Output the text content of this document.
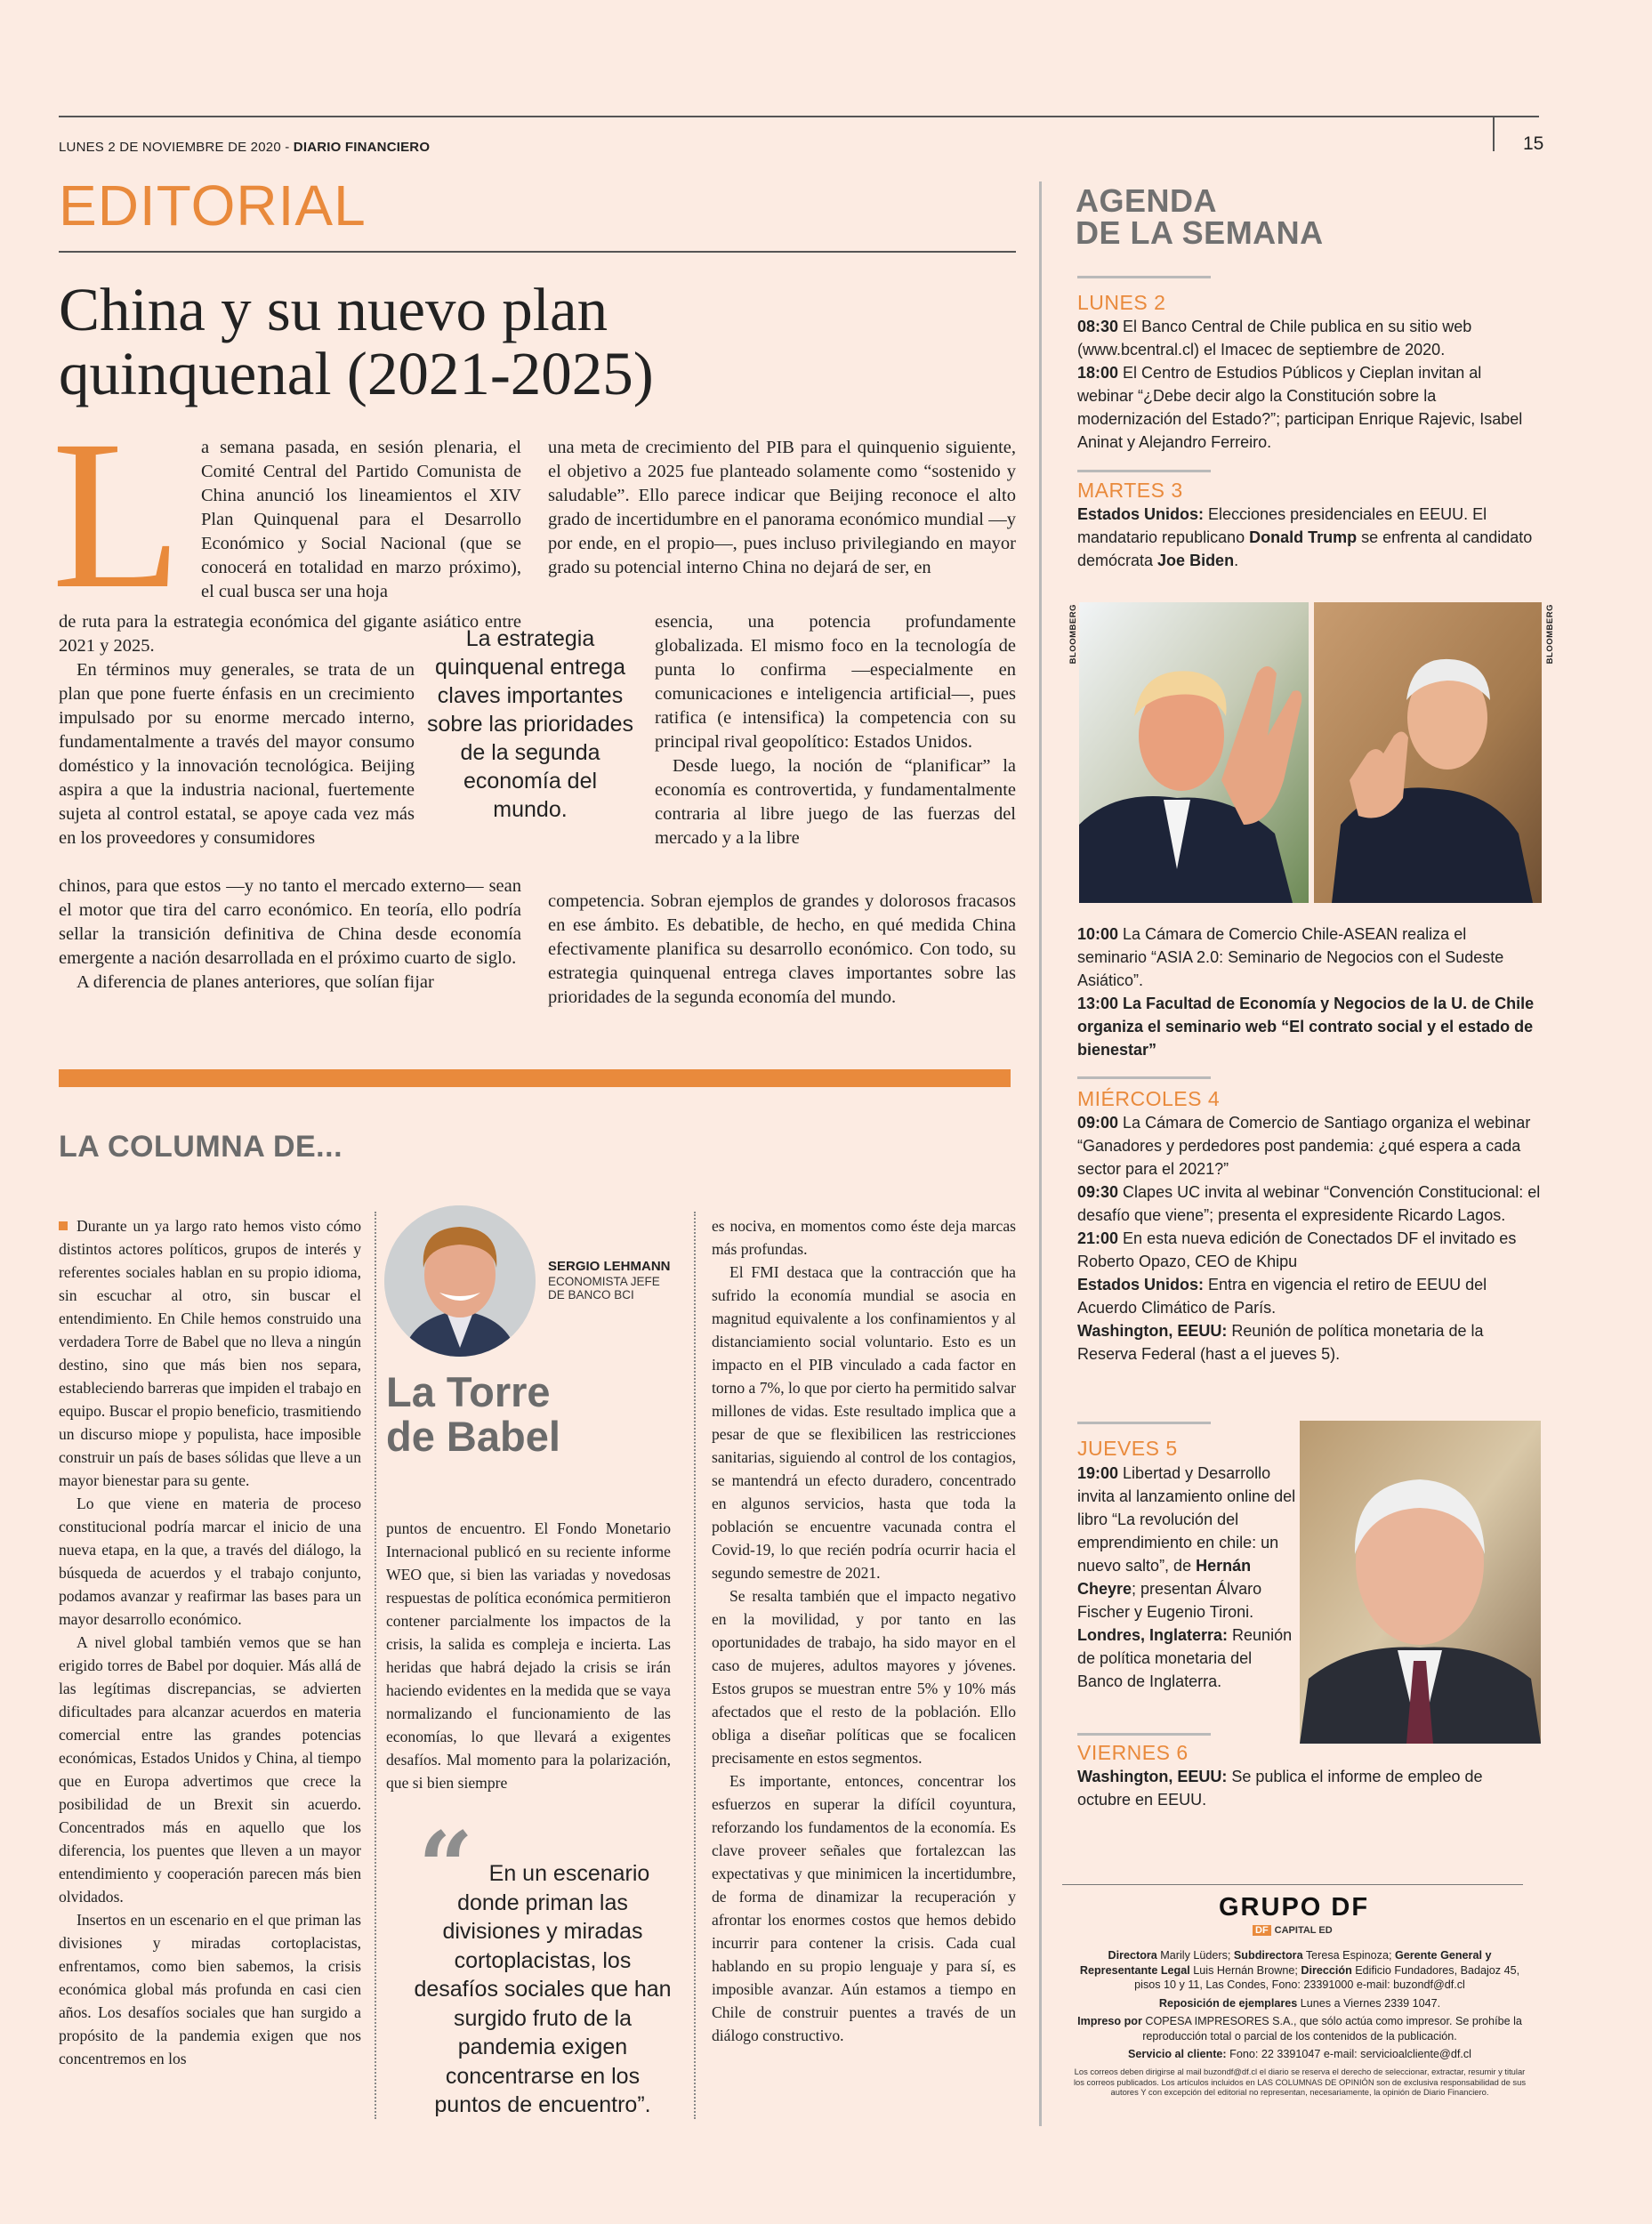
LUNES 2 DE NOVIEMBRE DE 2020 - DIARIO FINANCIERO	15
EDITORIAL
China y su nuevo plan
quinquenal (2021-2025)
L a semana pasada, en sesión plenaria, el Comité Central del Partido Comunista de China anunció los lineamientos el XIV Plan Quinquenal para el Desarrollo Económico y Social Nacional (que se conocerá en totalidad en marzo próximo), el cual busca ser una hoja

de ruta para la estrategia económica del gigante asiático entre 2021 y 2025.

En términos muy generales, se trata de un plan que pone fuerte énfasis en un crecimiento impulsado por su enorme mercado interno, fundamentalmente a través del mayor consumo doméstico y la innovación tecnológica. Beijing aspira a que la industria nacional, fuertemente sujeta al control estatal, se apoye cada vez más en los proveedores y consumidores

chinos, para que estos —y no tanto el mercado externo— sean el motor que tira del carro económico. En teoría, ello podría sellar la transición definitiva de China desde economía emergente a nación desarrollada en el próximo cuarto de siglo.

A diferencia de planes anteriores, que solían fijar

una meta de crecimiento del PIB para el quinquenio siguiente, el objetivo a 2025 fue planteado solamente como “sostenido y saludable”. Ello parece indicar que Beijing reconoce el alto grado de incertidumbre en el panorama económico mundial —y por ende, en el propio—, pues incluso privilegiando en mayor grado su potencial interno China no dejará de ser, en

esencia, una potencia profundamente globalizada. El mismo foco en la tecnología de punta lo confirma —especialmente en comunicaciones e inteligencia artificial—, pues ratifica (e intensifica) la competencia con su principal rival geopolítico: Estados Unidos.

Desde luego, la noción de “planificar” la economía es controvertida, y fundamentalmente contraria al libre juego de las fuerzas del mercado y a la libre

competencia. Sobran ejemplos de grandes y dolorosos fracasos en ese ámbito. Es debatible, de hecho, en qué medida China efectivamente planifica su desarrollo económico. Con todo, su estrategia quinquenal entrega claves importantes sobre las prioridades de la segunda economía del mundo.

La estrategia quinquenal entrega claves importantes sobre las prioridades de la segunda economía del mundo.
LA COLUMNA DE...

Durante un ya largo rato hemos visto cómo distintos actores políticos, grupos de interés y referentes sociales hablan en su propio idioma, sin escuchar al otro, sin buscar el entendimiento. En Chile hemos construido una verdadera Torre de Babel que no lleva a ningún destino, sino que más bien nos separa, estableciendo barreras que impiden el trabajo en equipo. Buscar el propio beneficio, trasmitiendo un discurso miope y populista, hace imposible construir un país de bases sólidas que lleve a un mayor bienestar para su gente.

Lo que viene en materia de proceso constitucional podría marcar el inicio de una nueva etapa, en la que, a través del diálogo, la búsqueda de acuerdos y el trabajo conjunto, podamos avanzar y reafirmar las bases para un mayor desarrollo económico.

A nivel global también vemos que se han erigido torres de Babel por doquier. Más allá de las legítimas discrepancias, se advierten dificultades para alcanzar acuerdos en materia comercial entre las grandes potencias económicas, Estados Unidos y China, al tiempo que en Europa advertimos que crece la posibilidad de un Brexit sin acuerdo. Concentrados más en aquello que los diferencia, los puentes que lleven a un mayor entendimiento y cooperación parecen más bien olvidados.

Insertos en un escenario en el que priman las divisiones y miradas cortoplacistas, enfrentamos, como bien sabemos, la crisis económica global más profunda en casi cien años. Los desafíos sociales que han surgido a propósito de la pandemia exigen que nos concentremos en los

SERGIO LEHMANN
ECONOMISTA JEFE DE BANCO BCI
La Torre
de Babel

puntos de encuentro. El Fondo Monetario Internacional publicó en su reciente informe WEO que, si bien las variadas y novedosas respuestas de política económica permitieron contener parcialmente los impactos de la crisis, la salida es compleja e incierta. Las heridas que habrá dejado la crisis se irán haciendo evidentes en la medida que se vaya normalizando el funcionamiento de las economías, lo que llevará a exigentes desafíos. Mal momento para la polarización, que si bien siempre

“ En un escenario donde priman las divisiones y miradas cortoplacistas, los desafíos sociales que han surgido fruto de la pandemia exigen concentrarse en los puntos de encuentro”.

es nociva, en momentos como éste deja marcas más profundas.

El FMI destaca que la contracción que ha sufrido la economía mundial se asocia en magnitud equivalente a los confinamientos y al distanciamiento social voluntario. Esto es un impacto en el PIB vinculado a cada factor en torno a 7%, lo que por cierto ha permitido salvar millones de vidas. Este resultado implica que a pesar de que se flexibilicen las restricciones sanitarias, siguiendo al control de los contagios, se mantendrá un efecto duradero, concentrado en algunos servicios, hasta que toda la población se encuentre vacunada contra el Covid-19, lo que recién podría ocurrir hacia el segundo semestre de 2021.

Se resalta también que el impacto negativo en la movilidad, y por tanto en las oportunidades de trabajo, ha sido mayor en el caso de mujeres, adultos mayores y jóvenes. Estos grupos se muestran entre 5% y 10% más afectados que el resto de la población. Ello obliga a diseñar políticas que se focalicen precisamente en estos segmentos.

Es importante, entonces, concentrar los esfuerzos en superar la difícil coyuntura, reforzando los fundamentos de la economía. Es clave proveer señales que fortalezcan las expectativas y que minimicen la incertidumbre, de forma de dinamizar la recuperación y afrontar los enormes costos que hemos debido incurrir para contener la crisis. Cada cual hablando en su propio lenguaje y para sí, es imposible avanzar. Aún estamos a tiempo en Chile de construir puentes a través de un diálogo constructivo.

AGENDA
DE LA SEMANA
LUNES 2

08:30 El Banco Central de Chile publica en su sitio web (www.bcentral.cl) el Imacec de septiembre de 2020.

18:00 El Centro de Estudios Públicos y Cieplan invitan al webinar “¿Debe decir algo la Constitución sobre la modernización del Estado?”; participan Enrique Rajevic, Isabel Aninat y Alejandro Ferreiro.

MARTES 3

Estados Unidos: Elecciones presidenciales en EEUU. El mandatario republicano Donald Trump se enfrenta al candidato demócrata Joe Biden.

BLOOMBERG	BLOOMBERG

10:00 La Cámara de Comercio Chile-ASEAN realiza el seminario “ASIA 2.0: Seminario de Negocios con el Sudeste Asiático”.

13:00 La Facultad de Economía y Negocios de la U. de Chile organiza el seminario web “El contrato social y el estado de bienestar”

MIÉRCOLES 4

09:00 La Cámara de Comercio de Santiago organiza el webinar “Ganadores y perdedores post pandemia: ¿qué espera a cada sector para el 2021?”

09:30 Clapes UC invita al webinar “Convención Constitucional: el desafío que viene”; presenta el expresidente Ricardo Lagos.

21:00 En esta nueva edición de Conectados DF el invitado es Roberto Opazo, CEO de Khipu

Estados Unidos: Entra en vigencia el retiro de EEUU del Acuerdo Climático de París.

Washington, EEUU: Reunión de política monetaria de la Reserva Federal (hast a el jueves 5).

JUEVES 5

19:00 Libertad y Desarrollo invita al lanzamiento online del libro “La revolución del emprendimiento en chile: un nuevo salto”, de Hernán Cheyre; presentan Álvaro Fischer y Eugenio Tironi.

Londres, Inglaterra: Reunión de política monetaria del Banco de Inglaterra.

VIERNES 6

Washington, EEUU: Se publica el informe de empleo de octubre en EEUU.

GRUPO DF
DF CAPITAL ED

Directora Marily Lüders; Subdirectora Teresa Espinoza; Gerente General y Representante Legal Luis Hernán Browne; Dirección Edificio Fundadores, Badajoz 45, pisos 10 y 11, Las Condes, Fono: 23391000 e-mail: buzondf@df.cl

Reposición de ejemplares Lunes a Viernes 2339 1047.

Impreso por COPESA IMPRESORES S.A., que sólo actúa como impresor. Se prohíbe la reproducción total o parcial de los contenidos de la publicación.

Servicio al cliente: Fono: 22 3391047 e-mail: servicioalcliente@df.cl

Los correos deben dirigirse al mail buzondf@df.cl el diario se reserva el derecho de seleccionar, extractar, resumir y titular los correos publicados. Los artículos incluidos en LAS COLUMNAS DE OPINIÓN son de exclusiva responsabilidad de sus autores Y con excepción del editorial no representan, necesariamente, la opinión de Diario Financiero.
